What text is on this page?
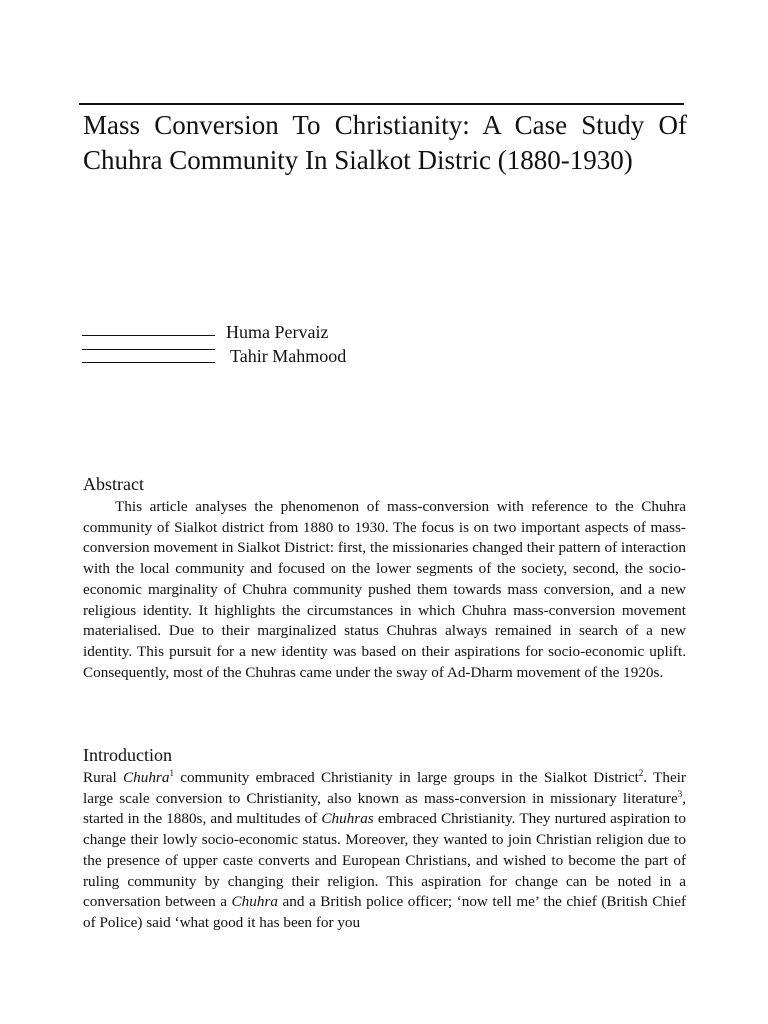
Mass Conversion To Christianity: A Case Study Of Chuhra Community In Sialkot Distric (1880-1930)
Huma Pervaiz
Tahir Mahmood
Abstract

This article analyses the phenomenon of mass-conversion with reference to the Chuhra community of Sialkot district from 1880 to 1930. The focus is on two important aspects of mass-conversion movement in Sialkot District: first, the missionaries changed their pattern of interaction with the local community and focused on the lower segments of the society, second, the socio-economic marginality of Chuhra community pushed them towards mass conversion, and a new religious identity. It highlights the circumstances in which Chuhra mass-conversion movement materialised. Due to their marginalized status Chuhras always remained in search of a new identity. This pursuit for a new identity was based on their aspirations for socio-economic uplift. Consequently, most of the Chuhras came under the sway of Ad-Dharm movement of the 1920s.

Introduction

Rural Chuhra$^1$ community embraced Christianity in large groups in the Sialkot District$^2$. Their large scale conversion to Christianity, also known as mass-conversion in missionary literature$^3$, started in the 1880s, and multitudes of Chuhras embraced Christianity. They nurtured aspiration to change their lowly socio-economic status. Moreover, they wanted to join Christian religion due to the presence of upper caste converts and European Christians, and wished to become the part of ruling community by changing their religion. This aspiration for change can be noted in a conversation between a Chuhra and a British police officer; ‘now tell me’ the chief (British Chief of Police) said ‘what good it has been for you
